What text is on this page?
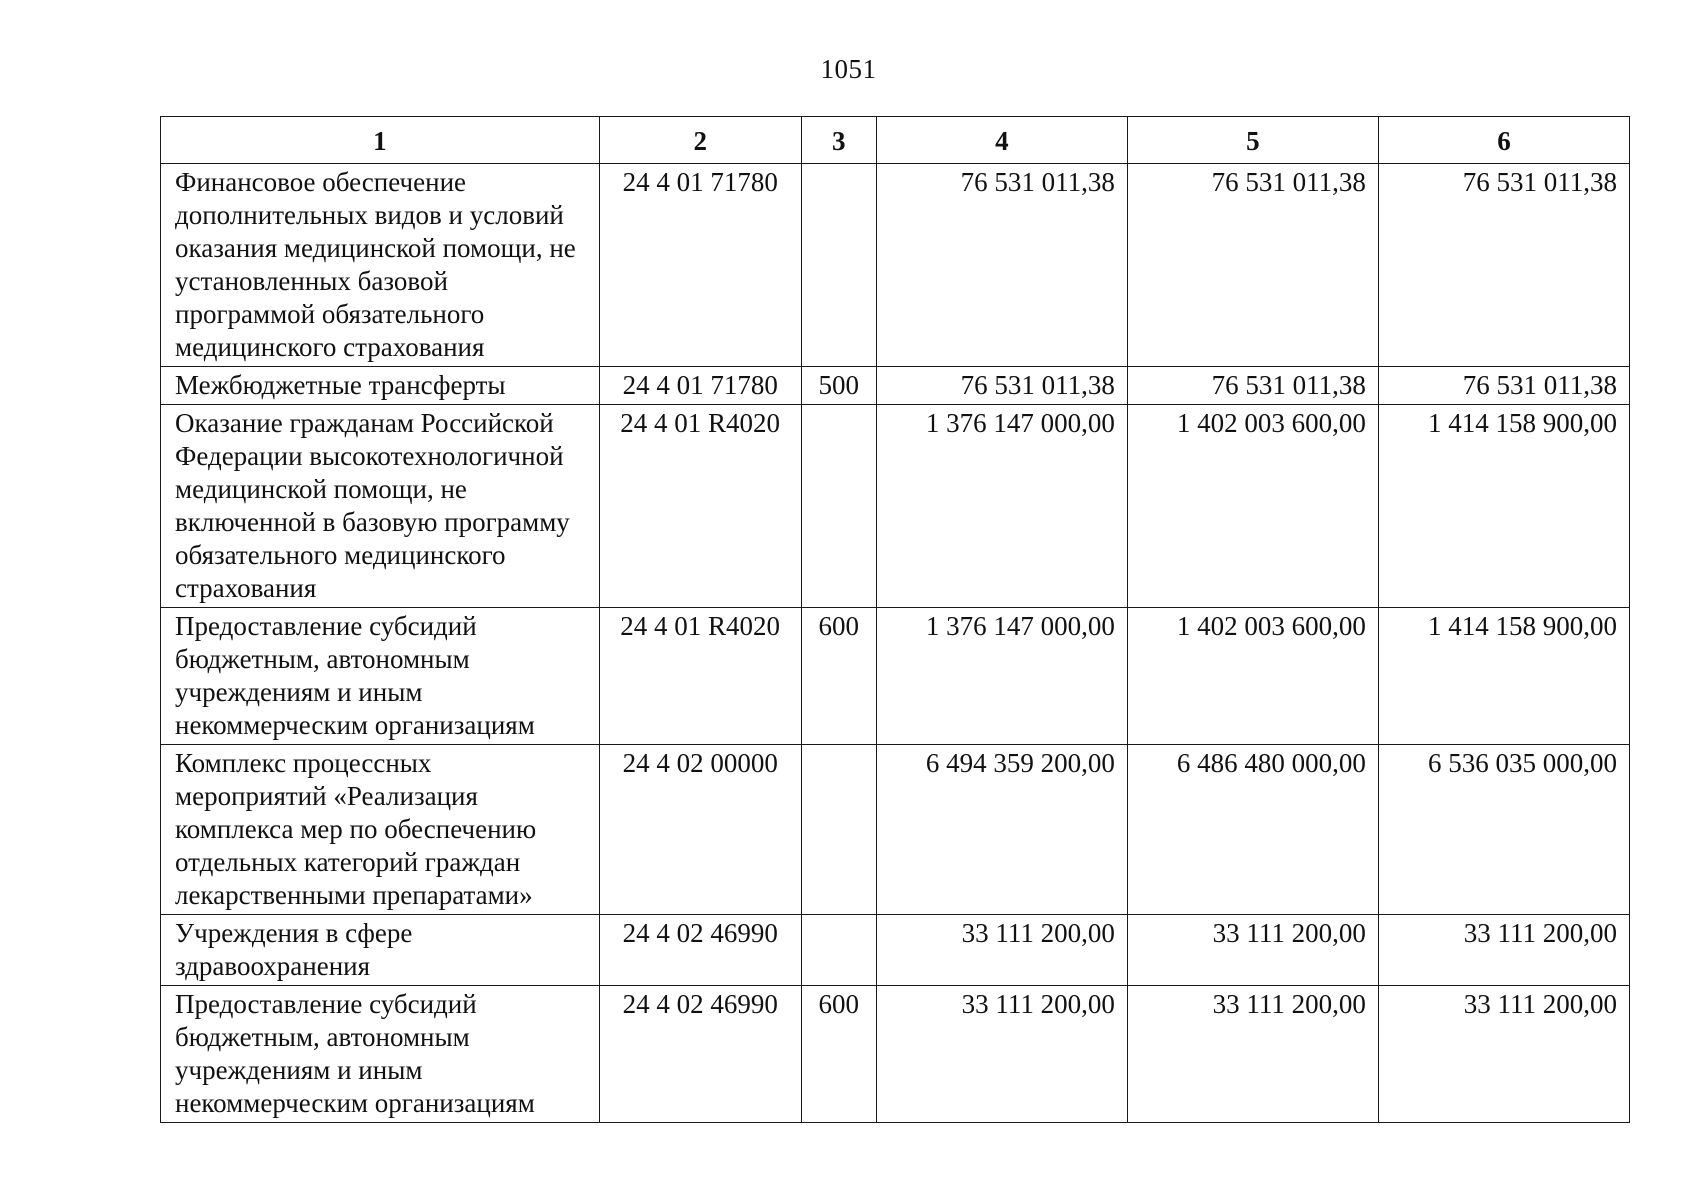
1051
1	2	3	4	5	6
Финансовое обеспечение дополнительных видов и условий оказания медицинской помощи, не установленных базовой программой обязательного медицинского страхования	24 4 01 71780		76 531 011,38	76 531 011,38	76 531 011,38
Межбюджетные трансферты	24 4 01 71780	500	76 531 011,38	76 531 011,38	76 531 011,38
Оказание гражданам Российской Федерации высокотехнологичной медицинской помощи, не включенной в базовую программу обязательного медицинского страхования	24 4 01 R4020		1 376 147 000,00	1 402 003 600,00	1 414 158 900,00
Предоставление субсидий бюджетным, автономным учреждениям и иным некоммерческим организациям	24 4 01 R4020	600	1 376 147 000,00	1 402 003 600,00	1 414 158 900,00
Комплекс процессных мероприятий «Реализация комплекса мер по обеспечению отдельных категорий граждан лекарственными препаратами»	24 4 02 00000		6 494 359 200,00	6 486 480 000,00	6 536 035 000,00
Учреждения в сфере здравоохранения	24 4 02 46990		33 111 200,00	33 111 200,00	33 111 200,00
Предоставление субсидий бюджетным, автономным учреждениям и иным некоммерческим организациям	24 4 02 46990	600	33 111 200,00	33 111 200,00	33 111 200,00
